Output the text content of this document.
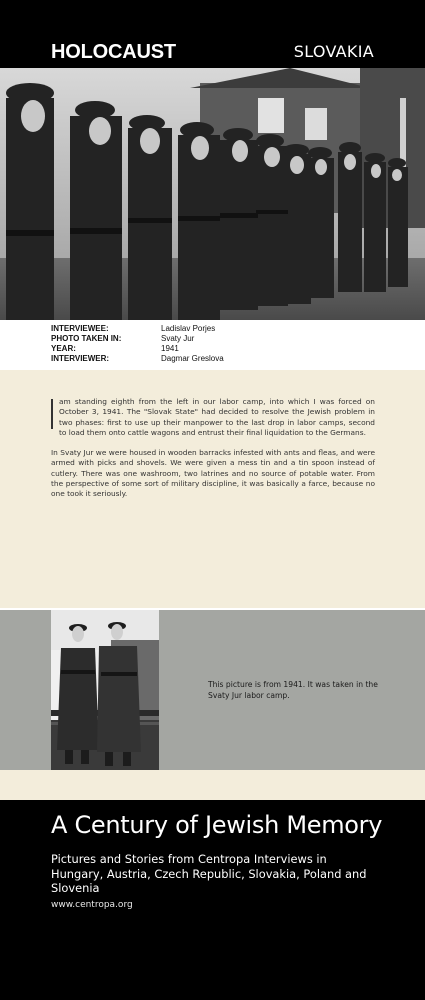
HOLOCAUST	SLOVAKIA
INTERVIEWEE:	Ladislav Porjes
PHOTO TAKEN IN:	Svaty Jur
YEAR:	1941
INTERVIEWER:	Dagmar Greslova

am standing eighth from the left in our labor camp, into which I was forced on October 3, 1941. The "Slovak State" had decided to resolve the Jewish problem in two phases: first to use up their manpower to the last drop in labor camps, second to load them onto cattle wagons and entrust their final liquidation to the Germans.

In Svaty Jur we were housed in wooden barracks infested with ants and fleas, and were armed with picks and shovels. We were given a mess tin and a tin spoon instead of cutlery. There was one washroom, two latrines and no source of potable water. From the perspective of some sort of military discipline, it was basically a farce, because no one took it seriously.

This picture is from 1941. It was taken in the Svaty Jur labor camp.
A Century of Jewish Memory
Pictures and Stories from Centropa Interviews in Hungary, Austria, Czech Republic, Slovakia, Poland and Slovenia
www.centropa.org
